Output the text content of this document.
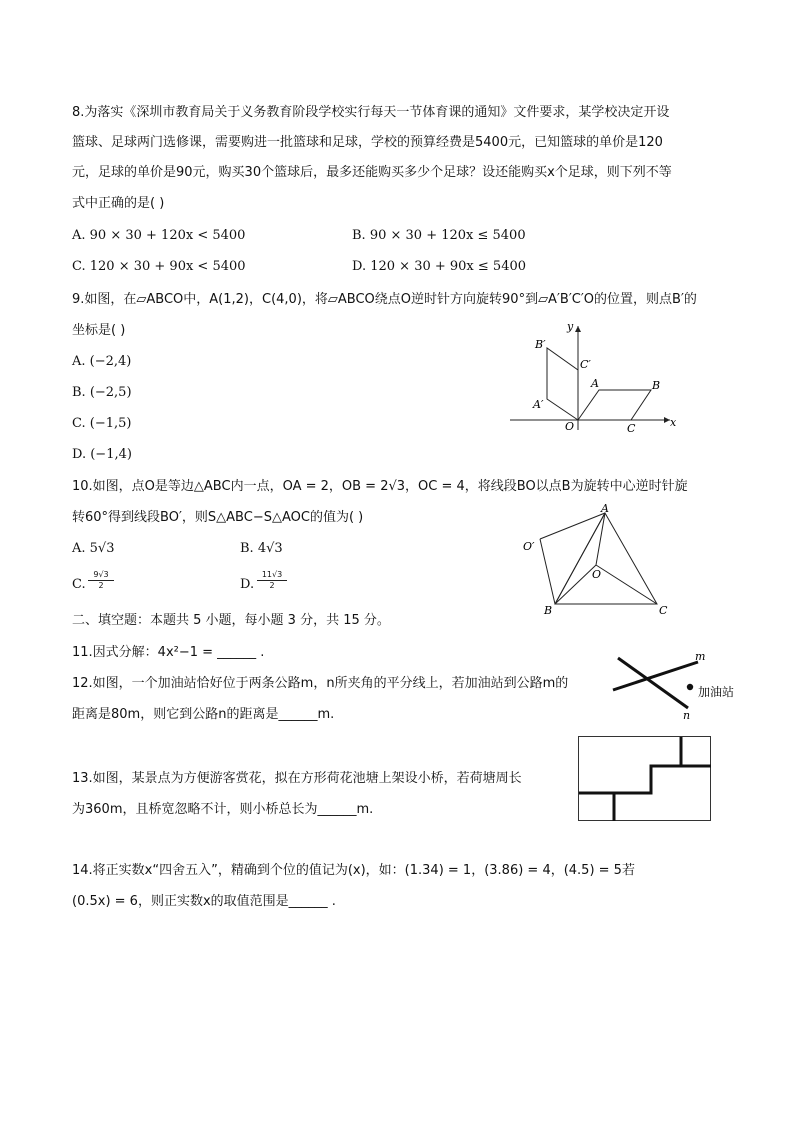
8.为落实《深圳市教育局关于义务教育阶段学校实行每天一节体育课的通知》文件要求，某学校决定开设
篮球、足球两门选修课，需要购进一批篮球和足球，学校的预算经费是5400元，已知篮球的单价是120
元，足球的单价是90元，购买30个篮球后，最多还能购买多少个足球？设还能购买x个足球，则下列不等
式中正确的是( )
A. 90 × 30 + 120x < 5400	B. 90 × 30 + 120x ≤ 5400
C. 120 × 30 + 90x < 5400	D. 120 × 30 + 90x ≤ 5400
9.如图，在▱ABCO中，A(1,2)，C(4,0)，将▱ABCO绕点O逆时针方向旋转90°到▱A′B′C′O的位置，则点B′的
坐标是( )
A. (−2,4)
B. (−2,5)
C. (−1,5)
D. (−1,4)
y
x
O
A	B
C
A′
B′
C′
10.如图，点O是等边△ABC内一点，OA = 2，OB = 2√3，OC = 4，将线段BO以点B为旋转中心逆时针旋
转60°得到线段BO′，则S△ABC−S△AOC的值为( )
A. 5√3	B. 4√3
C. $\frac{9√3}{2}$	D. $\frac{11√3}{2}$
A
B	C
O
O′
二、填空题：本题共 5 小题，每小题 3 分，共 15 分。
11.因式分解：4x²−1 = ______ .
12.如图，一个加油站恰好位于两条公路m，n所夹角的平分线上，若加油站到公路m的
距离是80m，则它到公路n的距离是______m.
m
n
加油站
13.如图，某景点为方便游客赏花，拟在方形荷花池塘上架设小桥，若荷塘周长
为360m，且桥宽忽略不计，则小桥总长为______m.
14.将正实数x“四舍五入”，精确到个位的值记为(x)，如：(1.34) = 1，(3.86) = 4，(4.5) = 5若
(0.5x) = 6，则正实数x的取值范围是______ .
